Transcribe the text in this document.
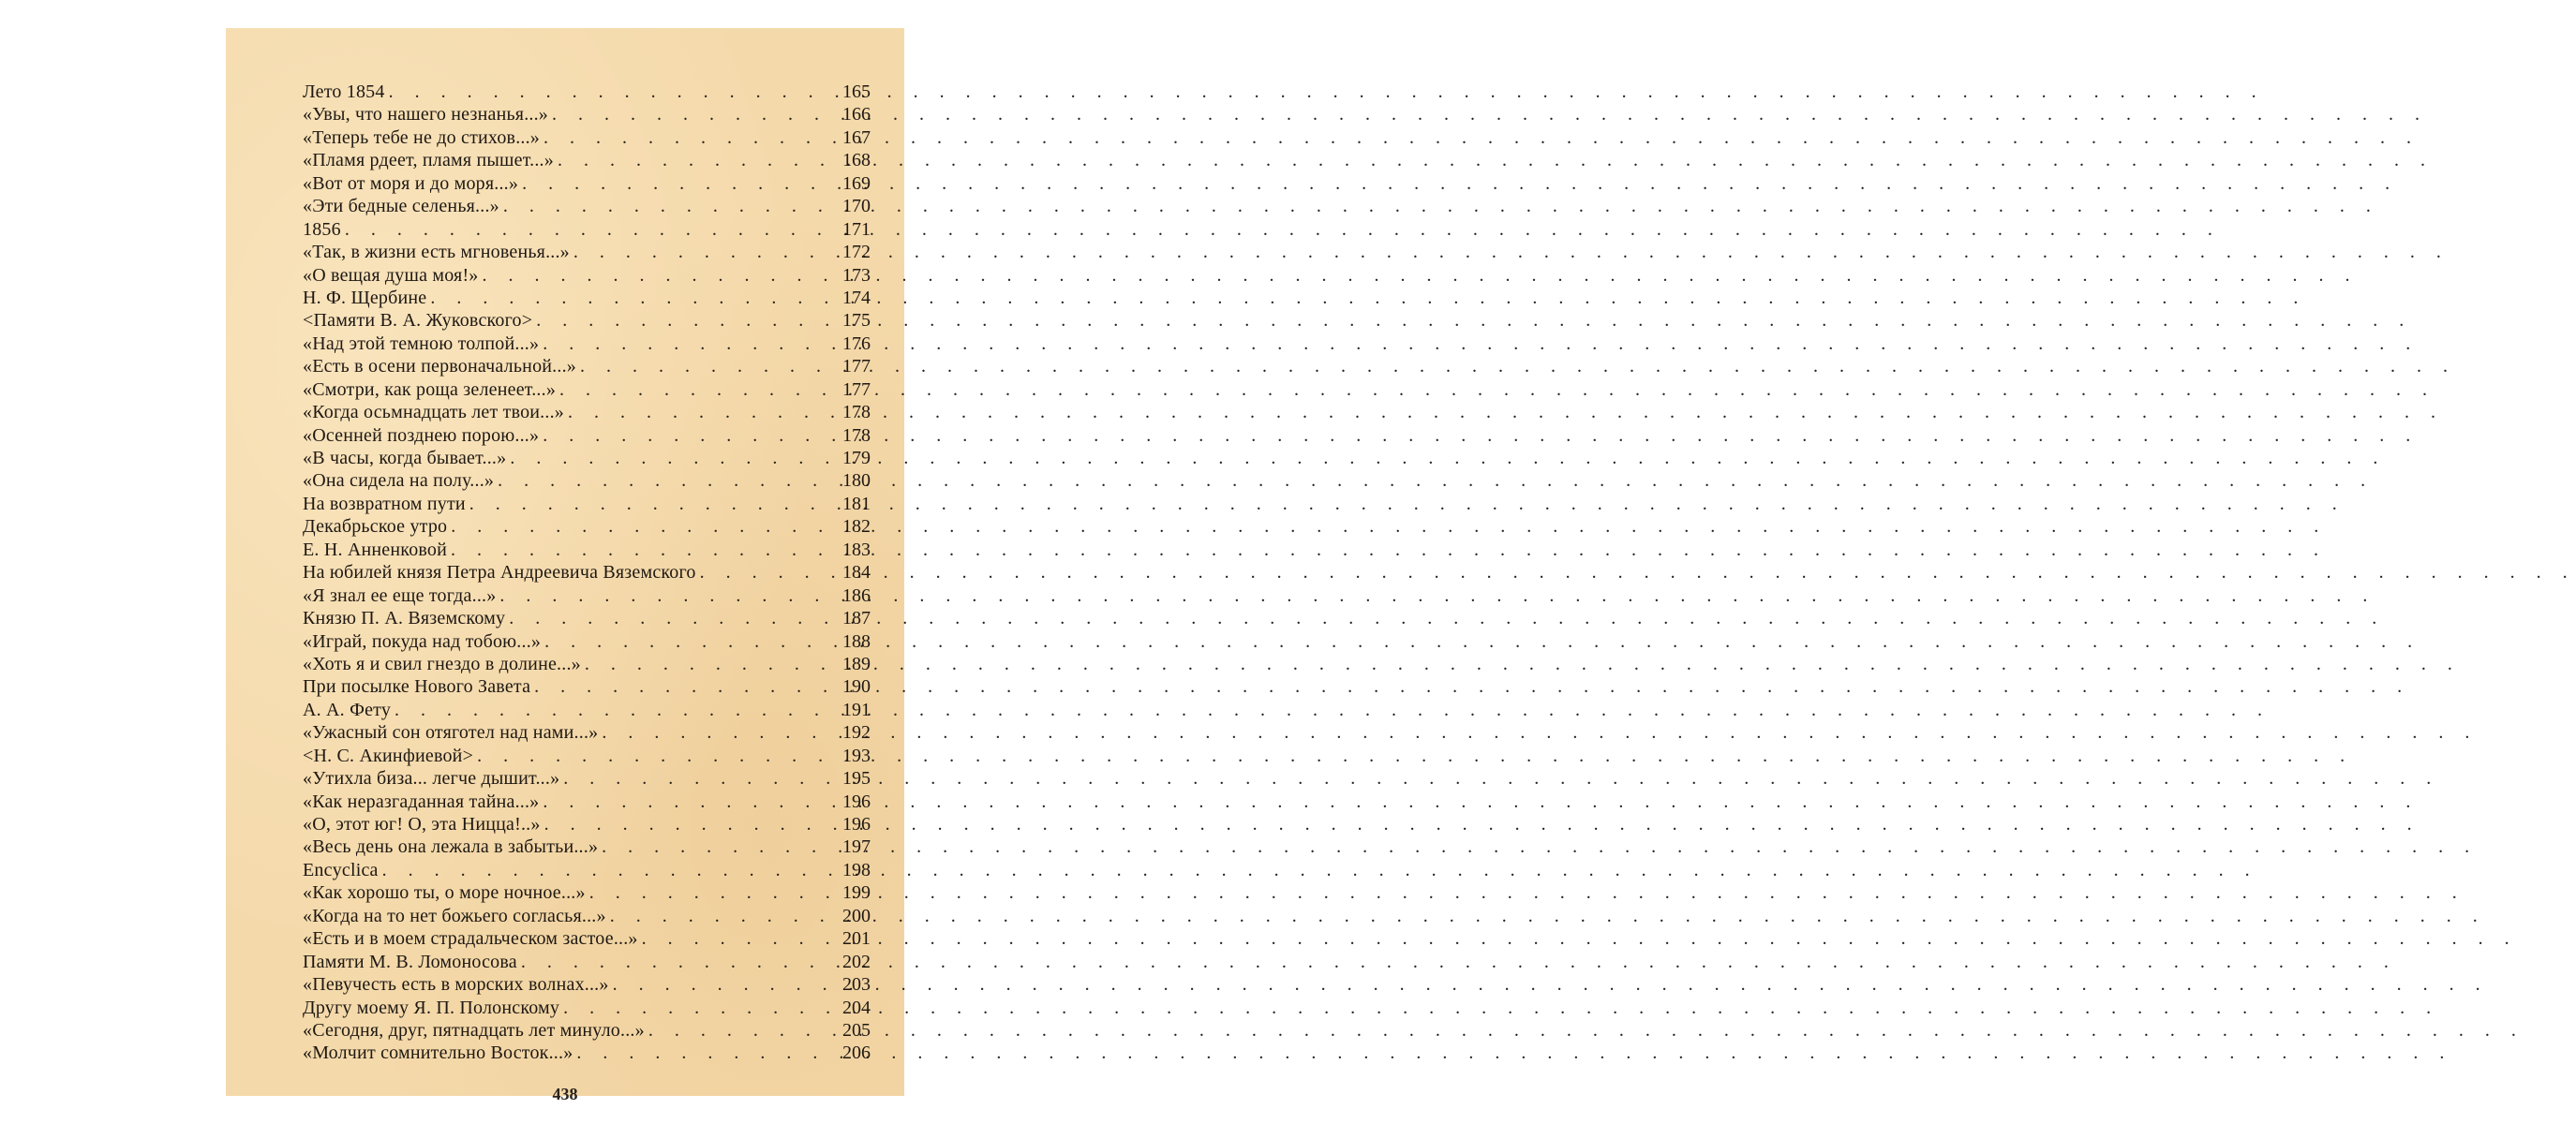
Лето 1854 . . .	165
«Увы, что нашего незнанья...» . . .	166
«Теперь тебе не до стихов...» . . .	167
«Пламя рдеет, пламя пышет...» . . .	168
«Вот от моря и до моря...» . . .	169
«Эти бедные селенья...» . . .	170
1856 . . .	171
«Так, в жизни есть мгновенья...» . . .	172
«О вещая душа моя!» . . .	173
Н. Ф. Щербине . . .	174
<Памяти В. А. Жуковского> . . .	175
«Над этой темною толпой...» . . .	176
«Есть в осени первоначальной...» . . .	177
«Смотри, как роща зеленеет...» . . .	177
«Когда осьмнадцать лет твои...» . . .	178
«Осенней позднею порою...» . . .	178
«В часы, когда бывает...» . . .	179
«Она сидела на полу...» . . .	180
На возвратном пути . . .	181
Декабрьское утро . . .	182
Е. Н. Анненковой . . .	183
На юбилей князя Петра Андреевича Вяземского . . .	184
«Я знал ее еще тогда...» . . .	186
Князю П. А. Вяземскому . . .	187
«Играй, покуда над тобою...» . . .	188
«Хоть я и свил гнездо в долине...» . . .	189
При посылке Нового Завета . . .	190
А. А. Фету . . .	191
«Ужасный сон отяготел над нами...» . . .	192
<Н. С. Акинфиевой> . . .	193
«Утихла биза... легче дышит...» . . .	195
«Как неразгаданная тайна...» . . .	196
«О, этот юг! О, эта Ницца!..» . . .	196
«Весь день она лежала в забытьи...» . . .	197
Encyclica . . .	198
«Как хорошо ты, о море ночное...» . . .	199
«Когда на то нет божьего согласья...» . . .	200
«Есть и в моем страдальческом застое...» . . .	201
Памяти М. В. Ломоносова . . .	202
«Певучесть есть в морских волнах...» . . .	203
Другу моему Я. П. Полонскому . . .	204
«Сегодня, друг, пятнадцать лет минуло...» . . .	205
«Молчит сомнительно Восток...» . . .	206
438
